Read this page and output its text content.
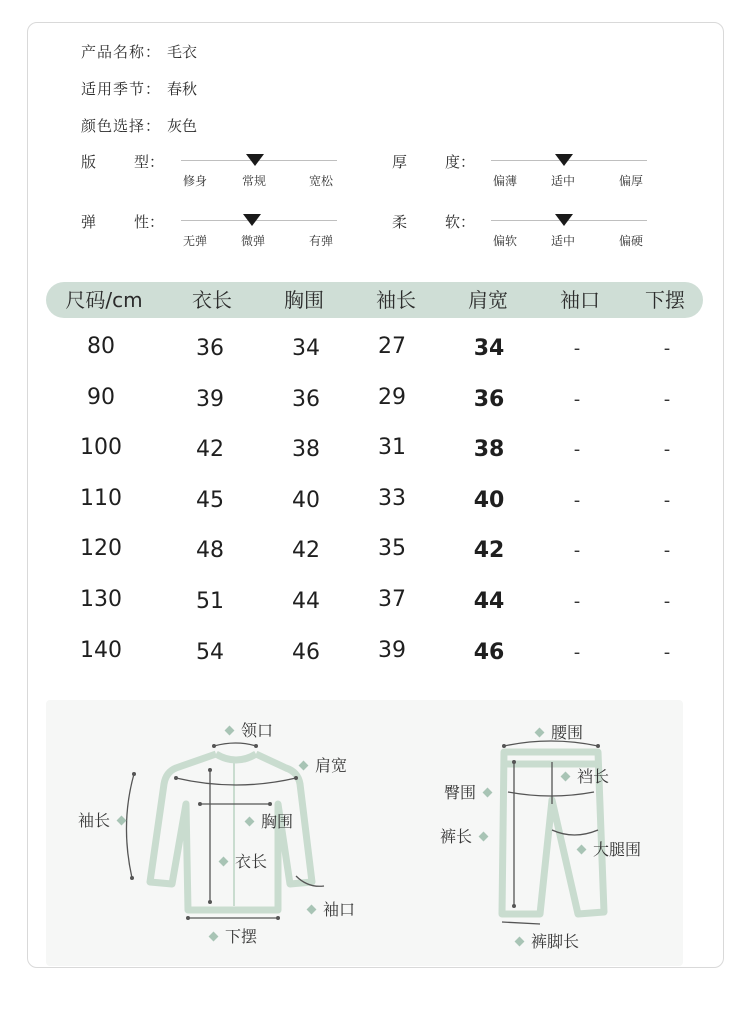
产品名称： 毛衣
适用季节： 春秋
颜色选择： 灰色
版	型：
修身	常规	宽松
厚	度：
偏薄	适中	偏厚
弹	性：
无弹	微弹	有弹
柔	软：
偏软	适中	偏硬
尺码/cm 衣长	胸围	袖长	肩宽	袖口 下摆
80	36	34	27	34	-	-
90	39	36	29	36	-	-
100	42	38	31	38	-	-
110	45	40	33	40	-	-
120	48	42	35	42	-	-
130	51	44	37	44	-	-
140	54	46	39	46	-	-
领口
肩宽
袖长	胸围
衣长
袖口
下摆
腰围
裆长
臀围
裤长
大腿围
裤脚长
